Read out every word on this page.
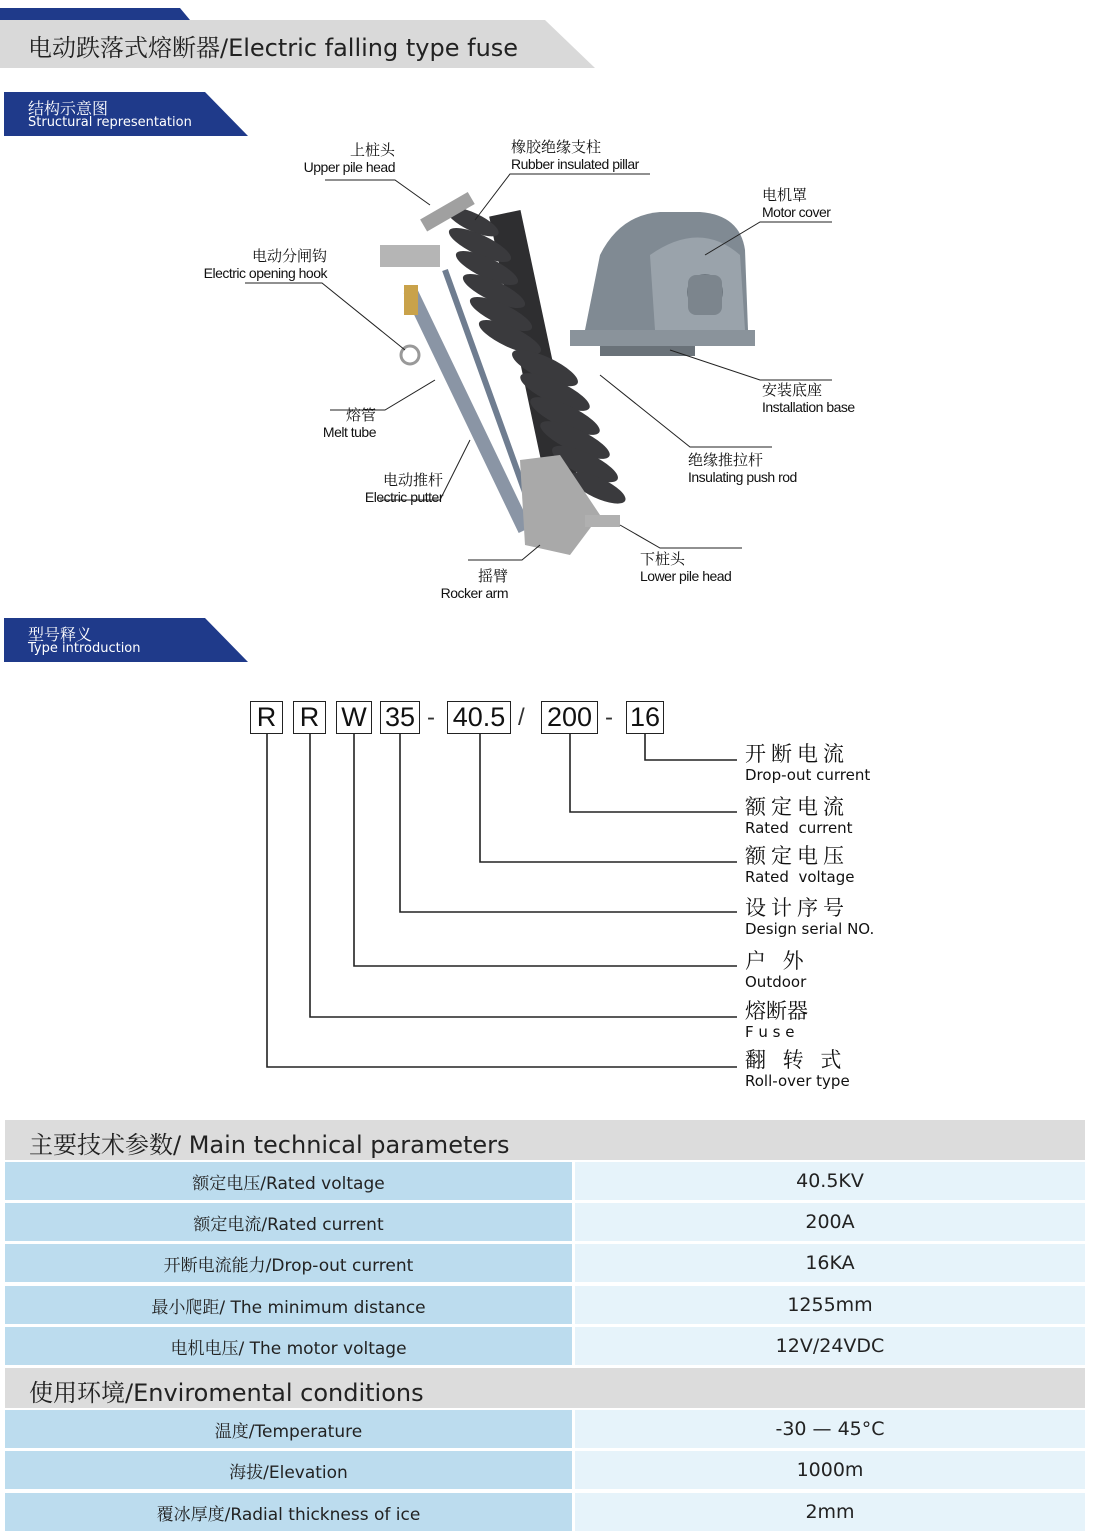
电动跌落式熔断器/Electric falling type fuse
结构示意图
Structural representation
上桩头
Upper pile head
橡胶绝缘支柱
Rubber insulated pillar
电机罩
Motor cover
电动分闸钩
Electric opening hook
熔管
Melt tube
电动推杆
Electric putter
摇臂
Rocker arm
安装底座
Installation base
绝缘推拉杆
Insulating push rod
下桩头
Lower pile head
型号释义
Type introduction
R R W 35 - 40.5 / 200 - 16
开断电流
Drop-out current
额定电流
Rated  current
额定电压
Rated  voltage
设计序号
Design serial NO.
户 外
Outdoor
熔断器
F u s e
翻 转 式
Roll-over type
主要技术参数/ Main technical parameters
额定电压/Rated voltage	40.5KV
额定电流/Rated current	200A
开断电流能力/Drop-out current	16KA
最小爬距/ The minimum distance	1255mm
电机电压/ The motor voltage	12V/24VDC
使用环境/Enviromental conditions
温度/Temperature	-30 — 45°C
海拔/Elevation	1000m
覆冰厚度/Radial thickness of ice	2mm
